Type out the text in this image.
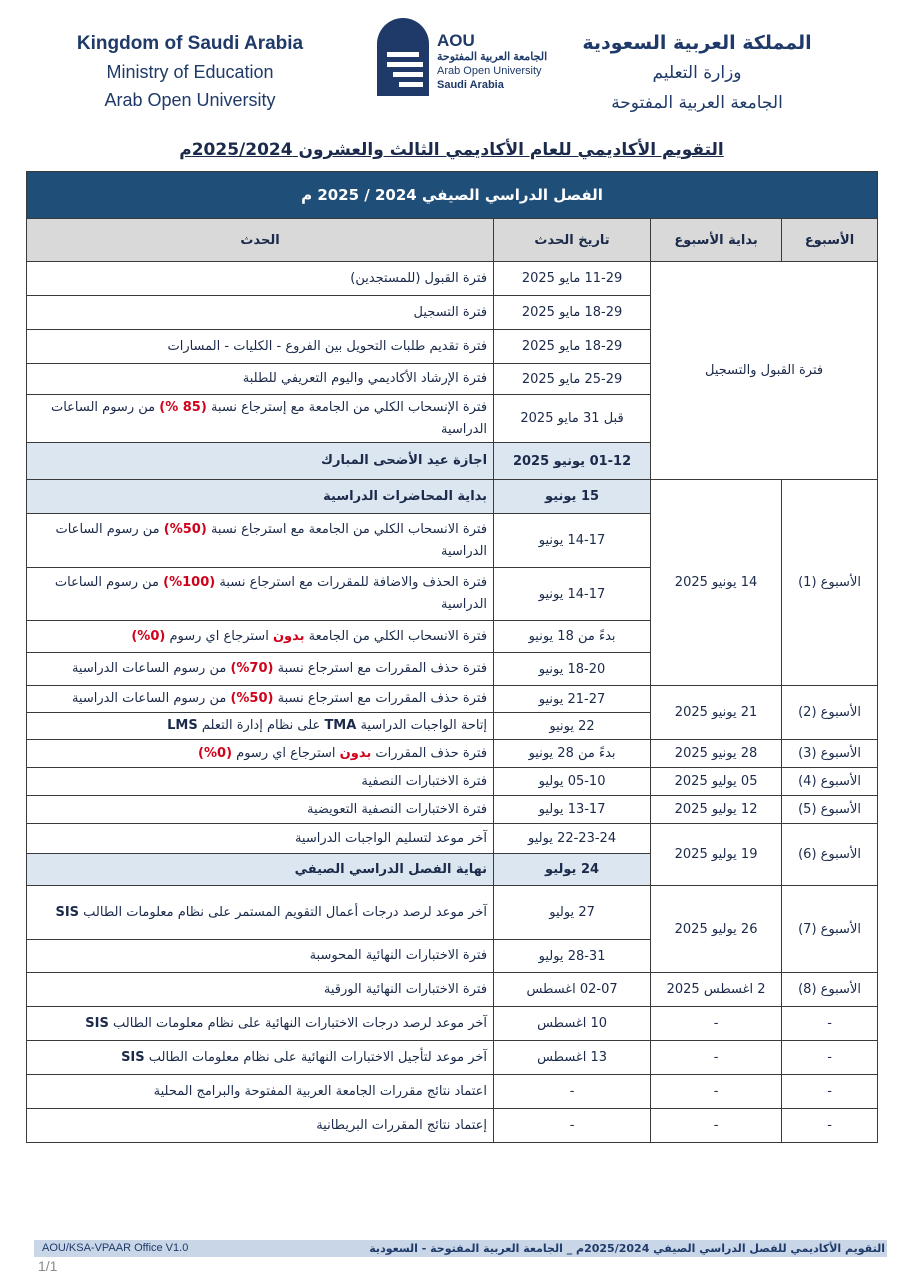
Kingdom of Saudi Arabia
Ministry of Education
Arab Open University
AOU
الجامعة العربية المفتوحة
Arab Open University
Saudi Arabia
المملكة العربية السعودية
وزارة التعليم
الجامعة العربية المفتوحة
التقويم الأكاديمي للعام الأكاديمي الثالث والعشرون 2025/2024م
الفصل الدراسي الصيفي 2024 / 2025 م			
الأسبوع	بداية الأسبوع	تاريخ الحدث	الحدث
فترة القبول والتسجيل		11-29 مايو 2025	فترة القبول (للمستجدين)
		18-29 مايو 2025	فترة التسجيل
		18-29 مايو 2025	فترة تقديم طلبات التحويل بين الفروع - الكليات - المسارات
		25-29 مايو 2025	فترة الإرشاد الأكاديمي واليوم التعريفي للطلبة
		قبل 31 مايو 2025	فترة الإنسحاب الكلي من الجامعة مع إسترجاع نسبة (85 %) من رسوم الساعات الدراسية
		01-12 يونيو 2025	اجازة عيد الأضحى المبارك
الأسبوع (1)	14 يونيو 2025	15 يونيو	بداية المحاضرات الدراسية
		14-17 يونيو	فترة الانسحاب الكلي من الجامعة مع استرجاع نسبة (50%) من رسوم الساعات الدراسية
		14-17 يونيو	فترة الحذف والاضافة للمقررات مع استرجاع نسبة (100%) من رسوم الساعات الدراسية
		بدءً من 18 يونيو	فترة الانسحاب الكلي من الجامعة بدون استرجاع اي رسوم (0%)
		18-20 يونيو	فترة حذف المقررات مع استرجاع نسبة (70%) من رسوم الساعات الدراسية

الأسبوع (2)	21 يونيو 2025	21-27 يونيو	فترة حذف المقررات مع استرجاع نسبة (50%) من رسوم الساعات الدراسية
		22 يونيو	إتاحة الواجبات الدراسية TMA على نظام إدارة التعلم LMS
الأسبوع (3)	28 يونيو 2025	بدءً من 28 يونيو	فترة حذف المقررات بدون استرجاع اي رسوم (0%)
الأسبوع (4)	05 يوليو 2025	05-10 يوليو	فترة الاختبارات النصفية
الأسبوع (5)	12 يوليو 2025	13-17 يوليو	فترة الاختبارات النصفية التعويضية
الأسبوع (6)	19 يوليو 2025	22-23-24 يوليو	آخر موعد لتسليم الواجبات الدراسية
		24 يوليو	نهاية الفصل الدراسي الصيفي
الأسبوع (7)	26 يوليو 2025	27 يوليو	آخر موعد لرصد درجات أعمال التقويم المستمر على نظام معلومات الطالب SIS
		28-31 يوليو	فترة الاختبارات النهائية المحوسبة
الأسبوع (8)	2 اغسطس 2025	02-07 اغسطس	فترة الاختبارات النهائية الورقية
-	-	10 اغسطس	آخر موعد لرصد درجات الاختبارات النهائية على نظام معلومات الطالب SIS
-	-	13 اغسطس	آخر موعد لتأجيل الاختبارات النهائية على نظام معلومات الطالب SIS
-	-	-	اعتماد نتائج مقررات الجامعة العربية المفتوحة والبرامج المحلية
-	-	-	إعتماد نتائج المقررات البريطانية
AOU/KSA-VPAAR Office V1.0	التقويم الأكاديمي للفصل الدراسي الصيفي 2025/2024م _ الجامعة العربية المفتوحة - السعودية
1/1
